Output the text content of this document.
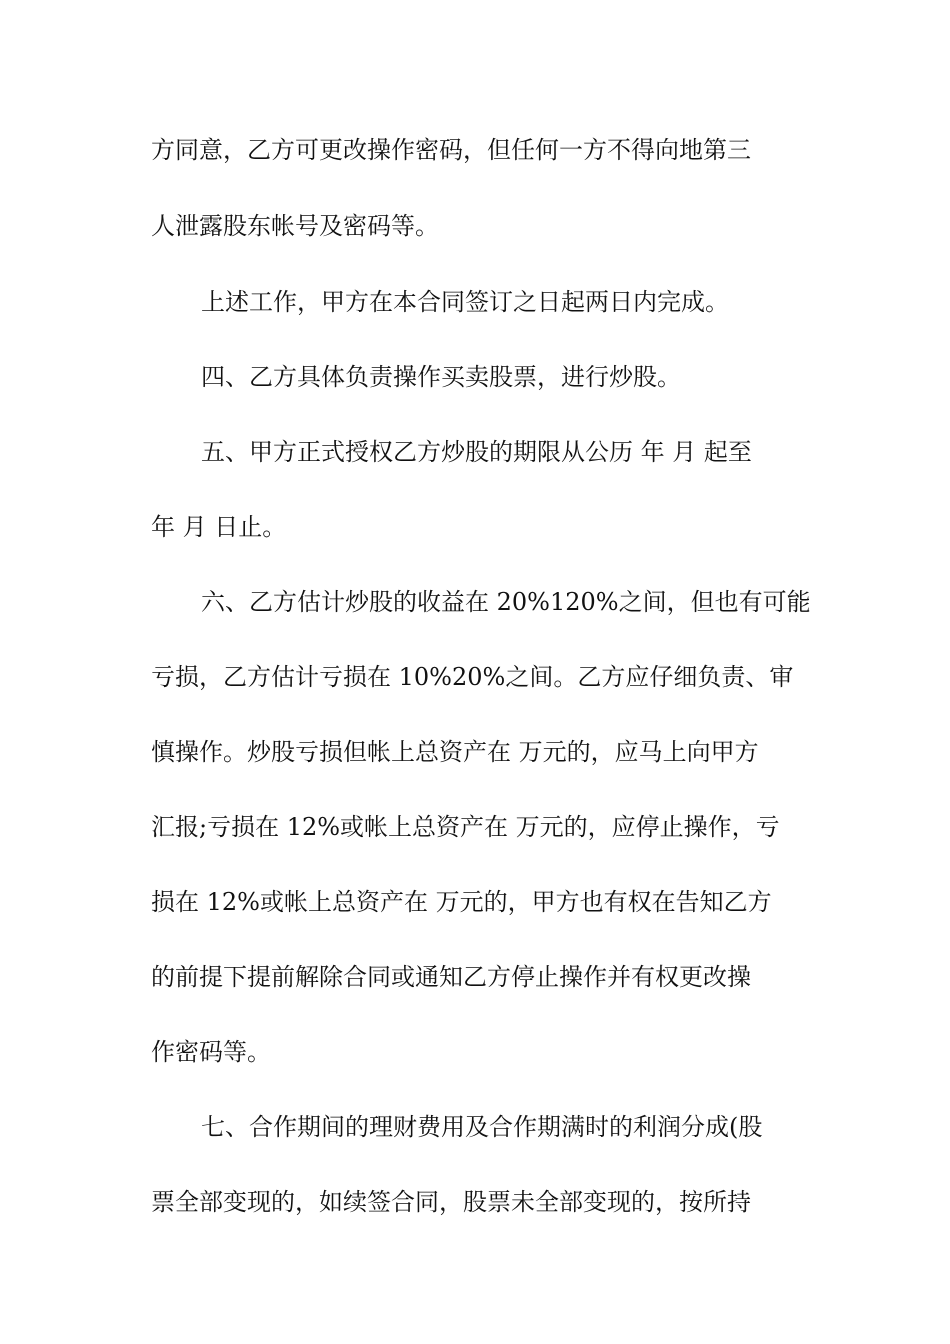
方同意，乙方可更改操作密码，但任何一方不得向地第三

人泄露股东帐号及密码等。

上述工作，甲方在本合同签订之日起两日内完成。

四、乙方具体负责操作买卖股票，进行炒股。

五、甲方正式授权乙方炒股的期限从公历 年 月 起至

年 月 日止。

六、乙方估计炒股的收益在 20%120%之间，但也有可能

亏损，乙方估计亏损在 10%20%之间。乙方应仔细负责、审

慎操作。炒股亏损但帐上总资产在 万元的，应马上向甲方

汇报;亏损在 12%或帐上总资产在 万元的，应停止操作，亏

损在 12%或帐上总资产在 万元的，甲方也有权在告知乙方

的前提下提前解除合同或通知乙方停止操作并有权更改操

作密码等。

七、合作期间的理财费用及合作期满时的利润分成(股

票全部变现的，如续签合同，股票未全部变现的，按所持
